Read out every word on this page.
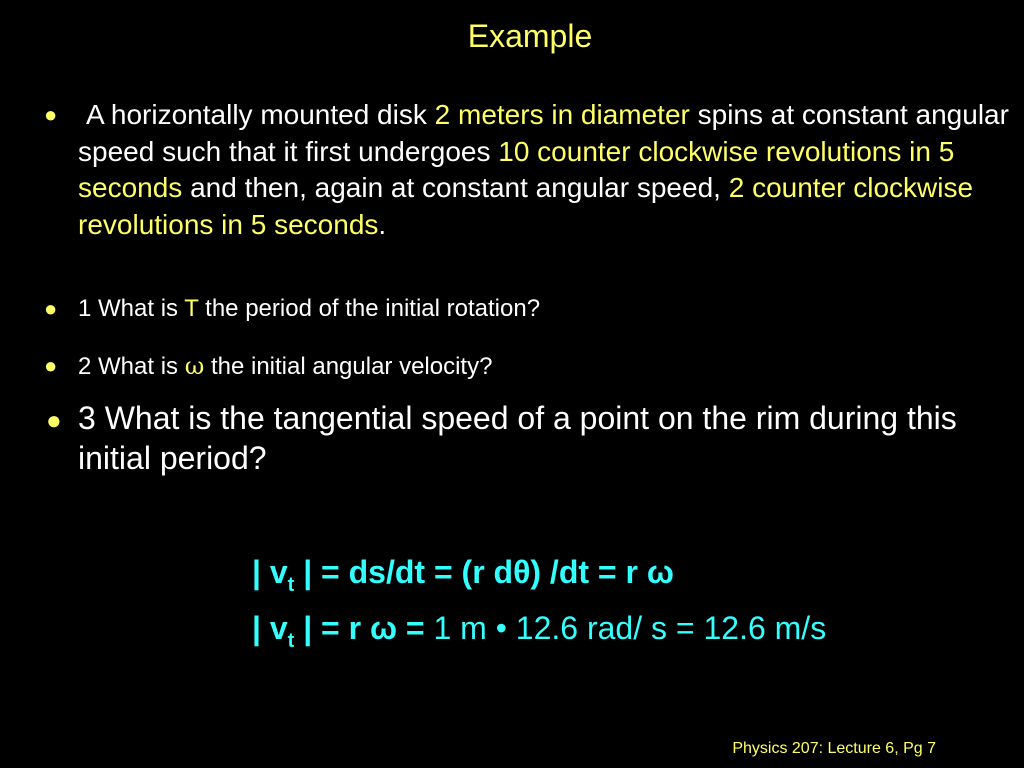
Example
● A horizontally mounted disk 2 meters in diameter spins at constant angular speed such that it first undergoes 10 counter clockwise revolutions in 5 seconds and then, again at constant angular speed, 2 counter clockwise revolutions in 5 seconds.
● 1 What is T the period of the initial rotation?
● 2 What is ω the initial angular velocity?
● 3 What is the tangential speed of a point on the rim during this initial period?
| $v_t$ | = ds/dt = (r dθ) /dt = r ω
| $v_t$ | = r ω = 1 m • 12.6 rad/ s = 12.6 m/s
Physics 207: Lecture 6, Pg 7
